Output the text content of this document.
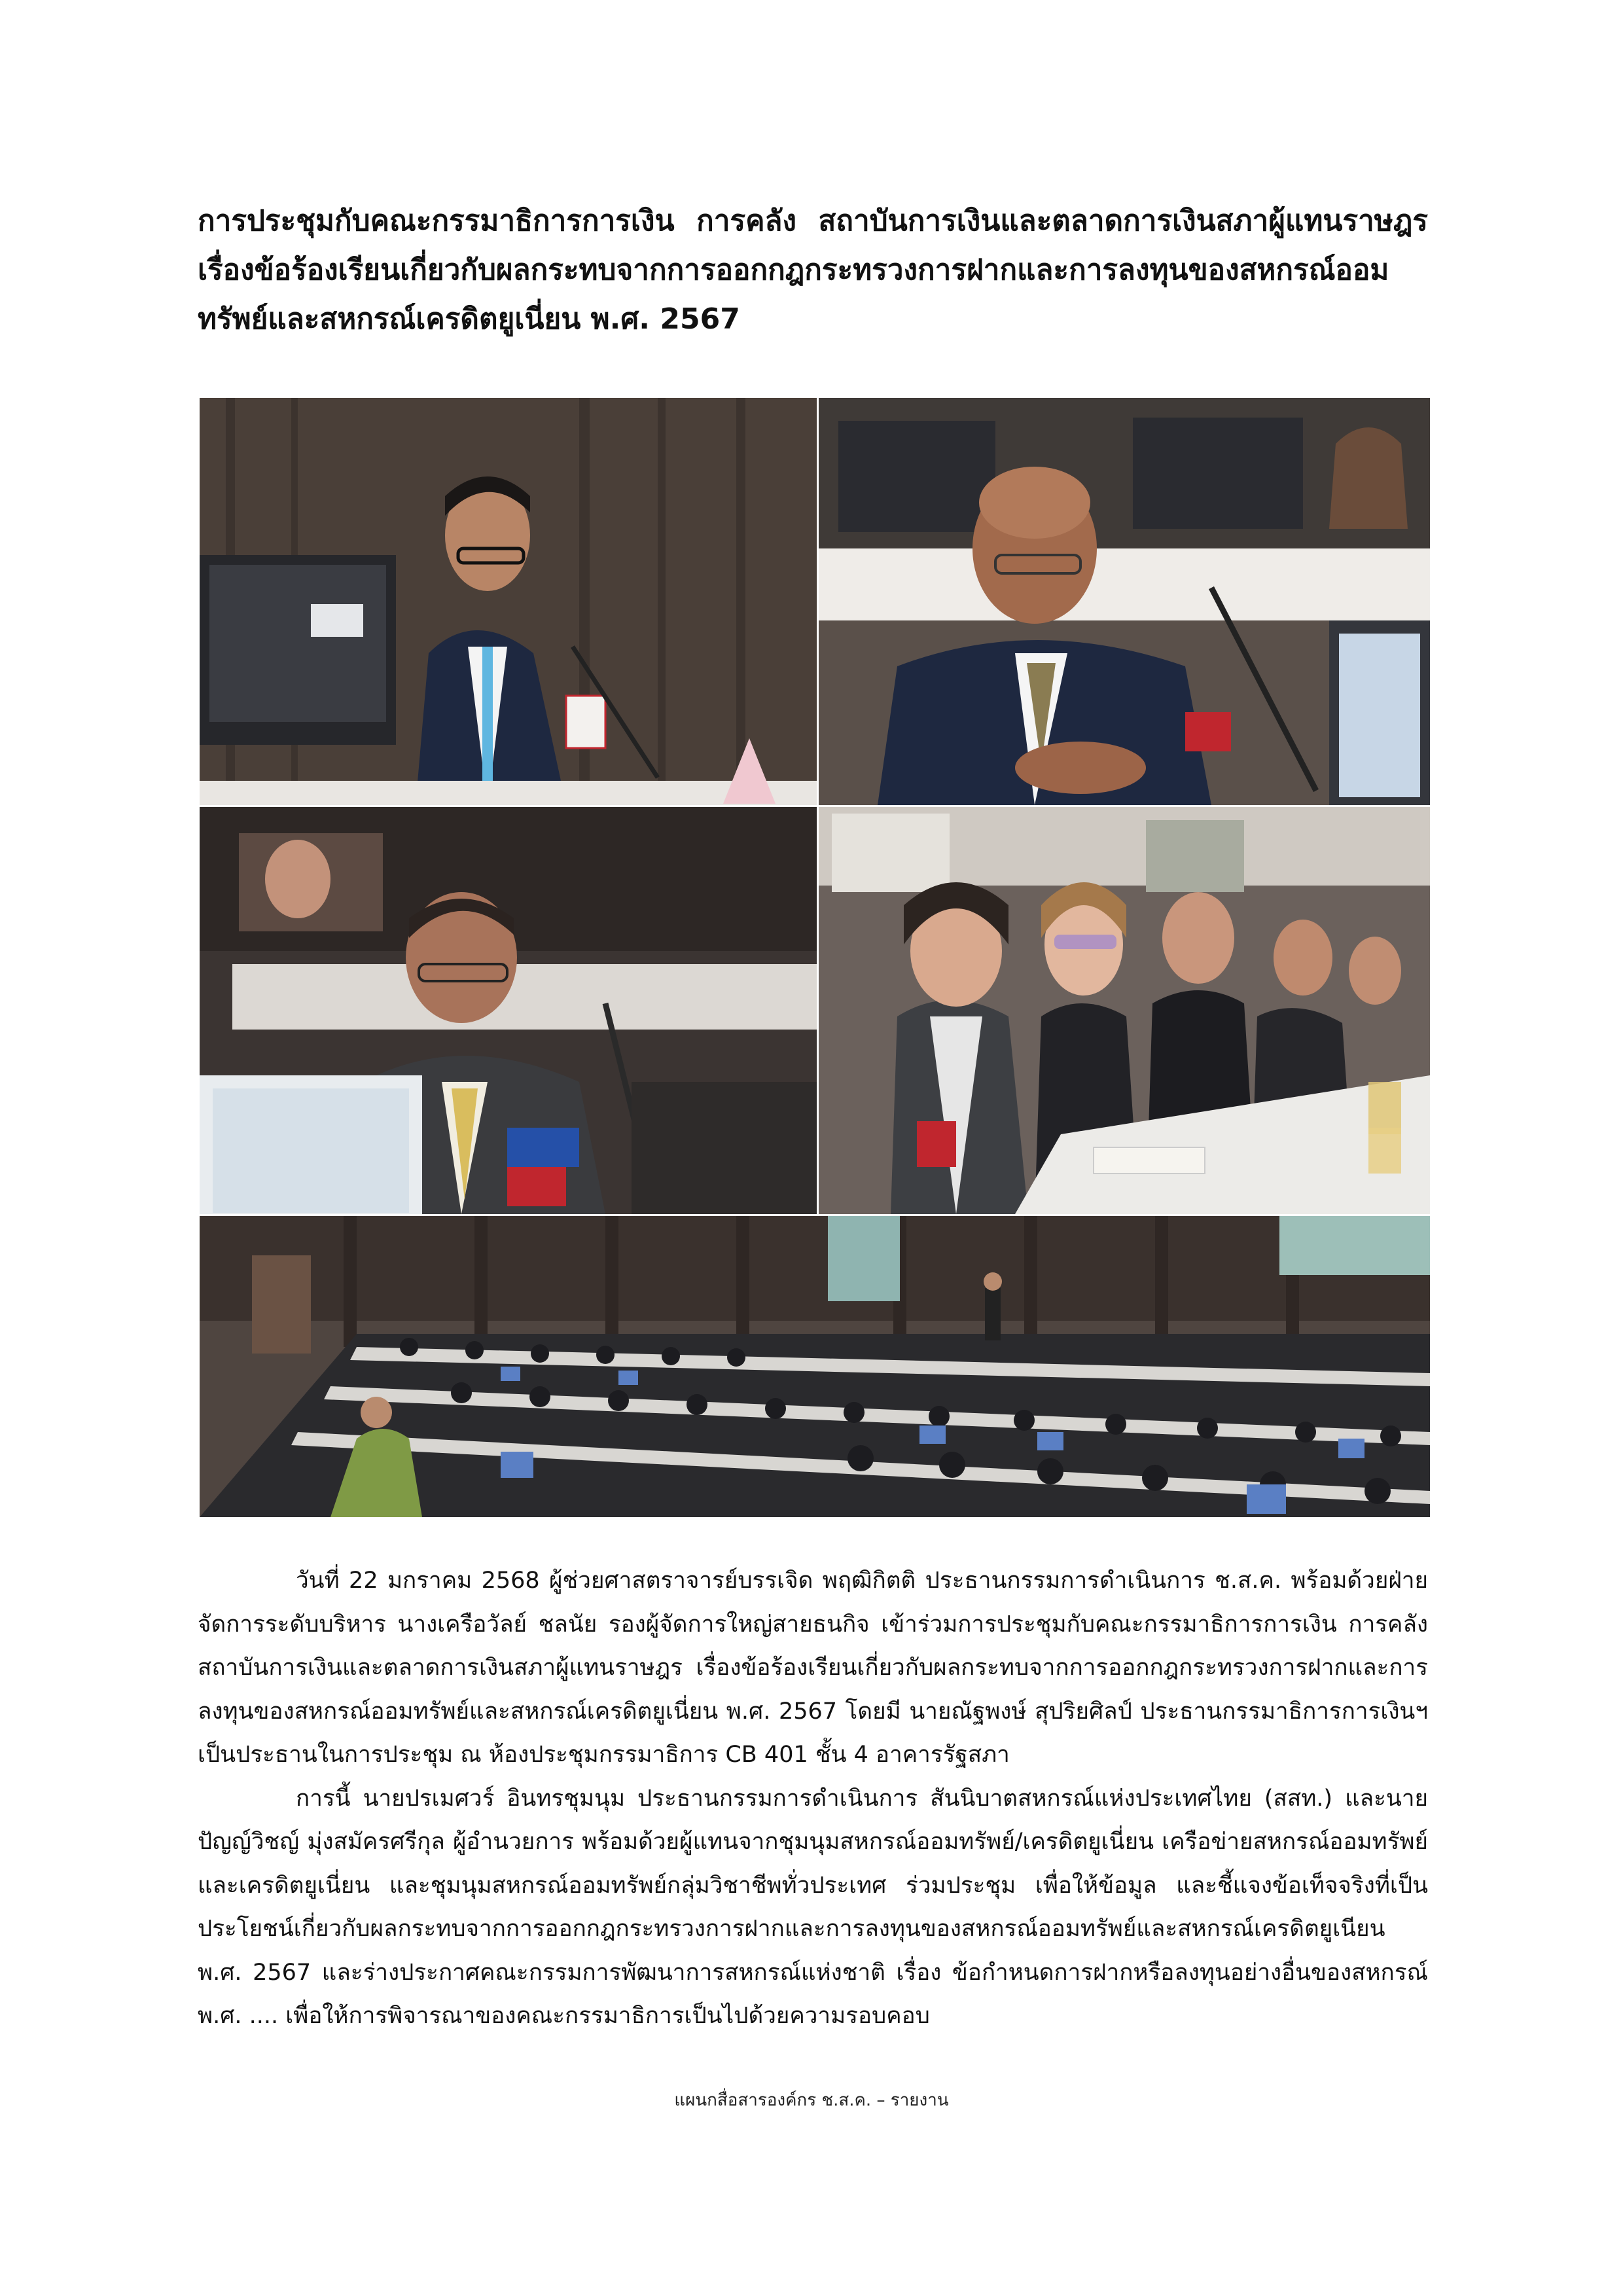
การประชุมกับคณะกรรมาธิการการเงิน การคลัง สถาบันการเงินและตลาดการเงินสภาผู้แทนราษฎร เรื่องข้อร้องเรียนเกี่ยวกับผลกระทบจากการออกกฎกระทรวงการฝากและการลงทุนของสหกรณ์ออมทรัพย์และสหกรณ์เครดิตยูเนี่ยน พ.ศ. 2567

วันที่ 22 มกราคม 2568 ผู้ช่วยศาสตราจารย์บรรเจิด พฤฒิกิตติ ประธานกรรมการดำเนินการ ช.ส.ค. พร้อมด้วยฝ่ายจัดการระดับบริหาร นางเครือวัลย์ ชลนัย รองผู้จัดการใหญ่สายธนกิจ เข้าร่วมการประชุมกับคณะกรรมาธิการการเงิน การคลัง สถาบันการเงินและตลาดการเงินสภาผู้แทนราษฎร เรื่องข้อร้องเรียนเกี่ยวกับผลกระทบจากการออกกฎกระทรวงการฝากและการลงทุนของสหกรณ์ออมทรัพย์และสหกรณ์เครดิตยูเนี่ยน พ.ศ. 2567 โดยมี นายณัฐพงษ์ สุปริยศิลป์ ประธานกรรมาธิการการเงินฯ เป็นประธานในการประชุม ณ ห้องประชุมกรรมาธิการ CB 401 ชั้น 4 อาคารรัฐสภา

การนี้ นายปรเมศวร์ อินทรชุมนุม ประธานกรรมการดำเนินการ สันนิบาตสหกรณ์แห่งประเทศไทย (สสท.) และนายปัญญ์วิชญ์ มุ่งสมัครศรีกุล ผู้อำนวยการ พร้อมด้วยผู้แทนจากชุมนุมสหกรณ์ออมทรัพย์/เครดิตยูเนี่ยน เครือข่ายสหกรณ์ออมทรัพย์และเครดิตยูเนี่ยน และชุมนุมสหกรณ์ออมทรัพย์กลุ่มวิชาชีพทั่วประเทศ ร่วมประชุม เพื่อให้ข้อมูล และชี้แจงข้อเท็จจริงที่เป็นประโยชน์เกี่ยวกับผลกระทบจากการออกกฎกระทรวงการฝากและการลงทุนของสหกรณ์ออมทรัพย์และสหกรณ์เครดิตยูเนียน พ.ศ. 2567 และร่างประกาศคณะกรรมการพัฒนาการสหกรณ์แห่งชาติ เรื่อง ข้อกำหนดการฝากหรือลงทุนอย่างอื่นของสหกรณ์ พ.ศ. .... เพื่อให้การพิจารณาของคณะกรรมาธิการเป็นไปด้วยความรอบคอบ

แผนกสื่อสารองค์กร ช.ส.ค. – รายงาน
